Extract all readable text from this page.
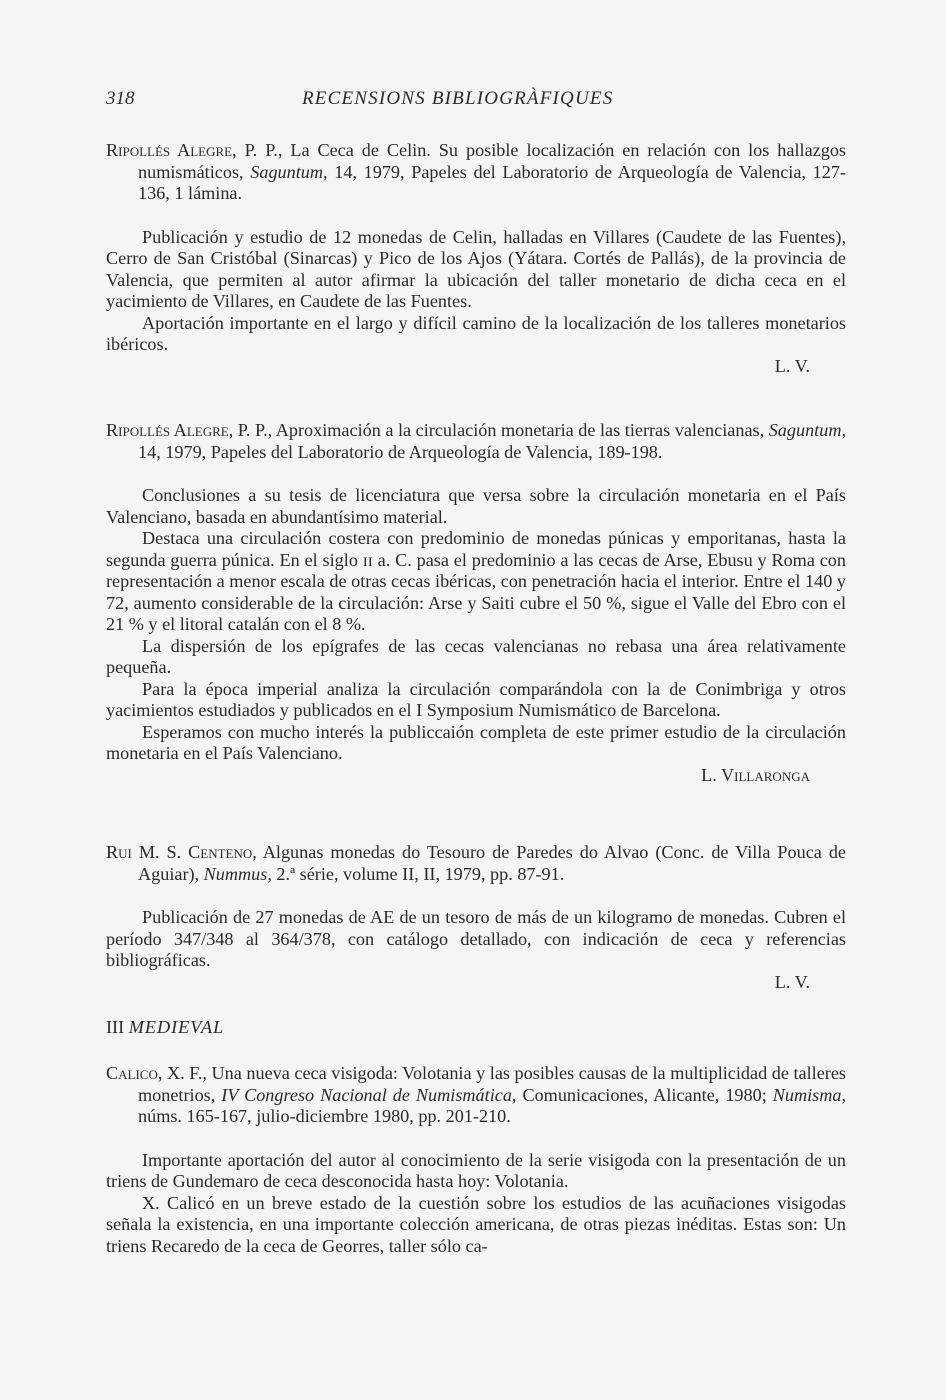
318	RECENSIONS BIBLIOGRÀFIQUES

Ripollés Alegre, P. P., La Ceca de Celin. Su posible localización en relación con los hallazgos numismáticos, Saguntum, 14, 1979, Papeles del Laboratorio de Arqueología de Valencia, 127-136, 1 lámina.

Publicación y estudio de 12 monedas de Celin, halladas en Villares (Caudete de las Fuentes), Cerro de San Cristóbal (Sinarcas) y Pico de los Ajos (Yátara. Cortés de Pallás), de la provincia de Valencia, que permiten al autor afirmar la ubicación del taller monetario de dicha ceca en el yacimiento de Villares, en Caudete de las Fuentes.

Aportación importante en el largo y difícil camino de la localización de los talleres monetarios ibéricos.

L. V.

Ripollés Alegre, P. P., Aproximación a la circulación monetaria de las tierras valencianas, Saguntum, 14, 1979, Papeles del Laboratorio de Arqueología de Valencia, 189-198.

Conclusiones a su tesis de licenciatura que versa sobre la circulación monetaria en el País Valenciano, basada en abundantísimo material.

Destaca una circulación costera con predominio de monedas púnicas y emporitanas, hasta la segunda guerra púnica. En el siglo ɪɪ a. C. pasa el predominio a las cecas de Arse, Ebusu y Roma con representación a menor escala de otras cecas ibéricas, con penetración hacia el interior. Entre el 140 y 72, aumento considerable de la circulación: Arse y Saiti cubre el 50 %, sigue el Valle del Ebro con el 21 % y el litoral catalán con el 8 %.

La dispersión de los epígrafes de las cecas valencianas no rebasa una área relativamente pequeña.

Para la época imperial analiza la circulación comparándola con la de Conimbriga y otros yacimientos estudiados y publicados en el I Symposium Numismático de Barcelona.

Esperamos con mucho interés la publiccaión completa de este primer estudio de la circulación monetaria en el País Valenciano.

L. Villaronga

Rui M. S. Centeno, Algunas monedas do Tesouro de Paredes do Alvao (Conc. de Villa Pouca de Aguiar), Nummus, 2.ª série, volume II, II, 1979, pp. 87-91.

Publicación de 27 monedas de AE de un tesoro de más de un kilogramo de monedas. Cubren el período 347/348 al 364/378, con catálogo detallado, con indicación de ceca y referencias bibliográficas.

L. V.

III MEDIEVAL

Calico, X. F., Una nueva ceca visigoda: Volotania y las posibles causas de la multiplicidad de talleres monetrios, IV Congreso Nacional de Numismática, Comunicaciones, Alicante, 1980; Numisma, núms. 165-167, julio-diciembre 1980, pp. 201-210.

Importante aportación del autor al conocimiento de la serie visigoda con la presentación de un triens de Gundemaro de ceca desconocida hasta hoy: Volotania.

X. Calicó en un breve estado de la cuestión sobre los estudios de las acuñaciones visigodas señala la existencia, en una importante colección americana, de otras piezas inéditas. Estas son: Un triens Recaredo de la ceca de Georres, taller sólo ca-
